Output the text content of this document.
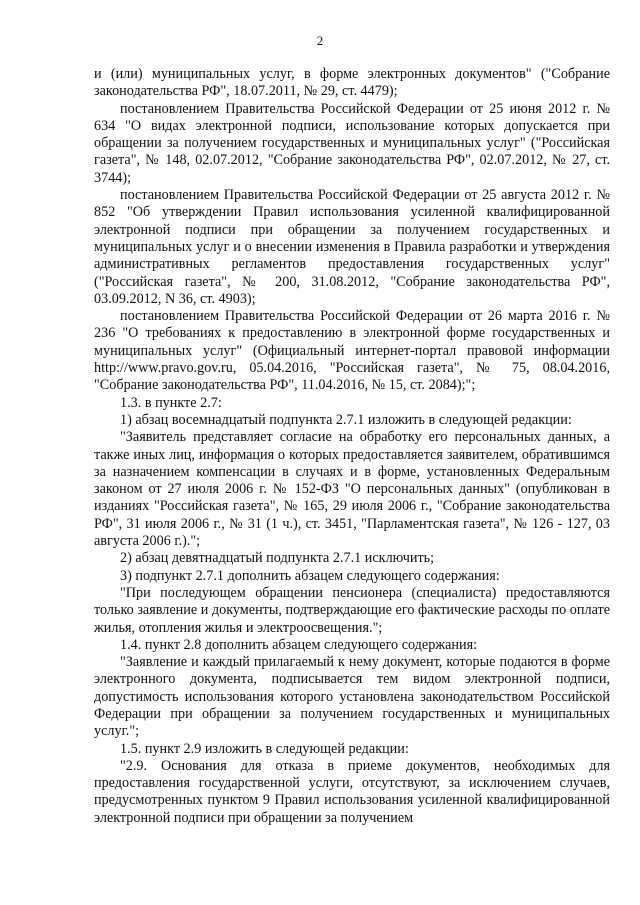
2

и (или) муниципальных услуг, в форме электронных документов" ("Собрание законодательства РФ", 18.07.2011, № 29, ст. 4479);

постановлением Правительства Российской Федерации от 25 июня 2012 г. № 634 "О видах электронной подписи, использование которых допускается при обращении за получением государственных и муниципальных услуг" ("Российская газета", № 148, 02.07.2012, "Собрание законодательства РФ", 02.07.2012, № 27, ст. 3744);

постановлением Правительства Российской Федерации от 25 августа 2012 г. № 852 "Об утверждении Правил использования усиленной квалифицированной электронной подписи при обращении за получением государственных и муниципальных услуг и о внесении изменения в Правила разработки и утверждения административных регламентов предоставления государственных услуг" ("Российская газета", № 200, 31.08.2012, "Собрание законодательства РФ", 03.09.2012, N 36, ст. 4903);

постановлением Правительства Российской Федерации от 26 марта 2016 г. № 236 "О требованиях к предоставлению в электронной форме государственных и муниципальных услуг" (Официальный интернет-портал правовой информации http://www.pravo.gov.ru, 05.04.2016, "Российская газета", № 75, 08.04.2016, "Собрание законодательства РФ", 11.04.2016, № 15, ст. 2084);";

1.3. в пункте 2.7:

1) абзац восемнадцатый подпункта 2.7.1 изложить в следующей редакции:

"Заявитель представляет согласие на обработку его персональных данных, а также иных лиц, информация о которых предоставляется заявителем, обратившимся за назначением компенсации в случаях и в форме, установленных Федеральным законом от 27 июля 2006 г. № 152-ФЗ "О персональных данных" (опубликован в изданиях "Российская газета", № 165, 29 июля 2006 г., "Собрание законодательства РФ", 31 июля 2006 г., № 31 (1 ч.), ст. 3451, "Парламентская газета", № 126 - 127, 03 августа 2006 г.).";

2) абзац девятнадцатый подпункта 2.7.1 исключить;

3) подпункт 2.7.1 дополнить абзацем следующего содержания:

"При последующем обращении пенсионера (специалиста) предоставляются только заявление и документы, подтверждающие его фактические расходы по оплате жилья, отопления жилья и электроосвещения.";

1.4. пункт 2.8 дополнить абзацем следующего содержания:

"Заявление и каждый прилагаемый к нему документ, которые подаются в форме электронного документа, подписывается тем видом электронной подписи, допустимость использования которого установлена законодательством Российской Федерации при обращении за получением государственных и муниципальных услуг.";

1.5. пункт 2.9 изложить в следующей редакции:

"2.9. Основания для отказа в приеме документов, необходимых для предоставления государственной услуги, отсутствуют, за исключением случаев, предусмотренных пунктом 9 Правил использования усиленной квалифицированной электронной подписи при обращении за получением
